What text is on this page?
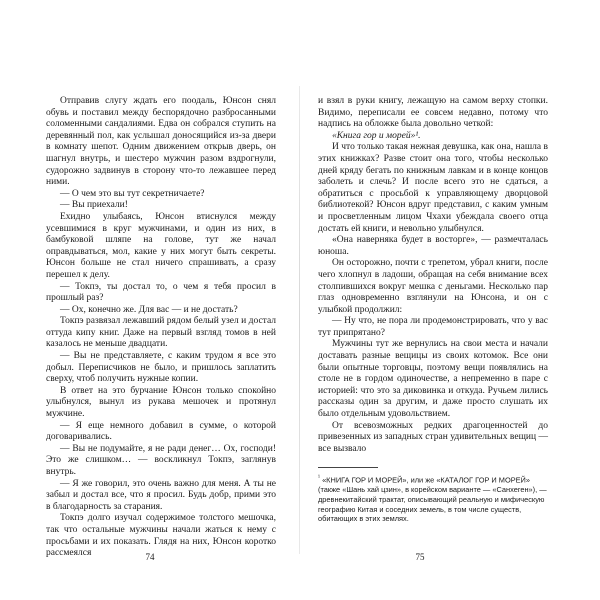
Отправив слугу ждать его поодаль, Юнсон снял обувь и поставил между беспорядочно разбросанными соломенными сандалиями. Едва он собрался ступить на деревянный пол, как услышал доносящийся из-за двери в комнату шепот. Одним движением открыв дверь, он шагнул внутрь, и шестеро мужчин разом вздрогнули, судорожно задвинув в сторону что-то лежавшее перед ними.

— О чем это вы тут секретничаете?

— Вы приехали!

Ехидно улыбаясь, Юнсон втиснулся между усевшимися в круг мужчинами, и один из них, в бамбуковой шляпе на голове, тут же начал оправдываться, мол, какие у них могут быть секреты. Юнсон больше не стал ничего спрашивать, а сразу перешел к делу.

— Токпэ, ты достал то, о чем я тебя просил в прошлый раз?

— Ох, конечно же. Для вас — и не достать?

Токпэ развязал лежавший рядом белый узел и достал оттуда кипу книг. Даже на первый взгляд томов в ней казалось не меньше двадцати.

— Вы не представляете, с каким трудом я все это добыл. Переписчиков не было, и пришлось заплатить сверху, чтоб получить нужные копии.

В ответ на это бурчание Юнсон только спокойно улыбнулся, вынул из рукава мешочек и протянул мужчине.

— Я еще немного добавил в сумме, о которой договаривались.

— Вы не подумайте, я не ради денег… Ох, господи! Это же слишком… — воскликнул Токпэ, заглянув внутрь.

— Я же говорил, это очень важно для меня. А ты не забыл и достал все, что я просил. Будь добр, прими это в благодарность за старания.

Токпэ долго изучал содержимое толстого мешочка, так что остальные мужчины начали жаться к нему с просьбами и их показать. Глядя на них, Юнсон коротко рассмеялся

и взял в руки книгу, лежащую на самом верху стопки. Видимо, переписали ее совсем недавно, потому что надпись на обложке была довольно четкой:

«Книга гор и морей»¹.

И что только такая нежная девушка, как она, нашла в этих книжках? Разве стоит она того, чтобы несколько дней кряду бегать по книжным лавкам и в конце концов заболеть и слечь? И после всего это не сдаться, а обратиться с просьбой к управляющему дворцовой библиотекой? Юнсон вдруг представил, с каким умным и просветленным лицом Чхахи убеждала своего отца достать ей книги, и невольно улыбнулся.

«Она наверняка будет в восторге», — размечталась юноша.

Он осторожно, почти с трепетом, убрал книги, после чего хлопнул в ладоши, обращая на себя внимание всех столпившихся вокруг мешка с деньгами. Несколько пар глаз одновременно взглянули на Юнсона, и он с улыбкой продолжил:

— Ну что, не пора ли продемонстрировать, что у вас тут припрятано?

Мужчины тут же вернулись на свои места и начали доставать разные вещицы из своих котомок. Все они были опытные торговцы, поэтому вещи появлялись на столе не в гордом одиночестве, а непременно в паре с историей: что это за диковинка и откуда. Ручьем лились рассказы один за другим, и даже просто слушать их было отдельным удовольствием.

От всевозможных редких драгоценностей до привезенных из западных стран удивительных вещиц — все вызвало

$^{^1}$ «КНИГА ГОР И МОРЕЙ», или же «КАТАЛОГ ГОР И МОРЕЙ» (также «Шань хай цзин», в корейском варианте — «Санхеген»), — древнекитайский трактат, описывающий реальную и мифическую географию Китая и соседних земель, в том числе существ, обитающих в этих землях.
74	75
